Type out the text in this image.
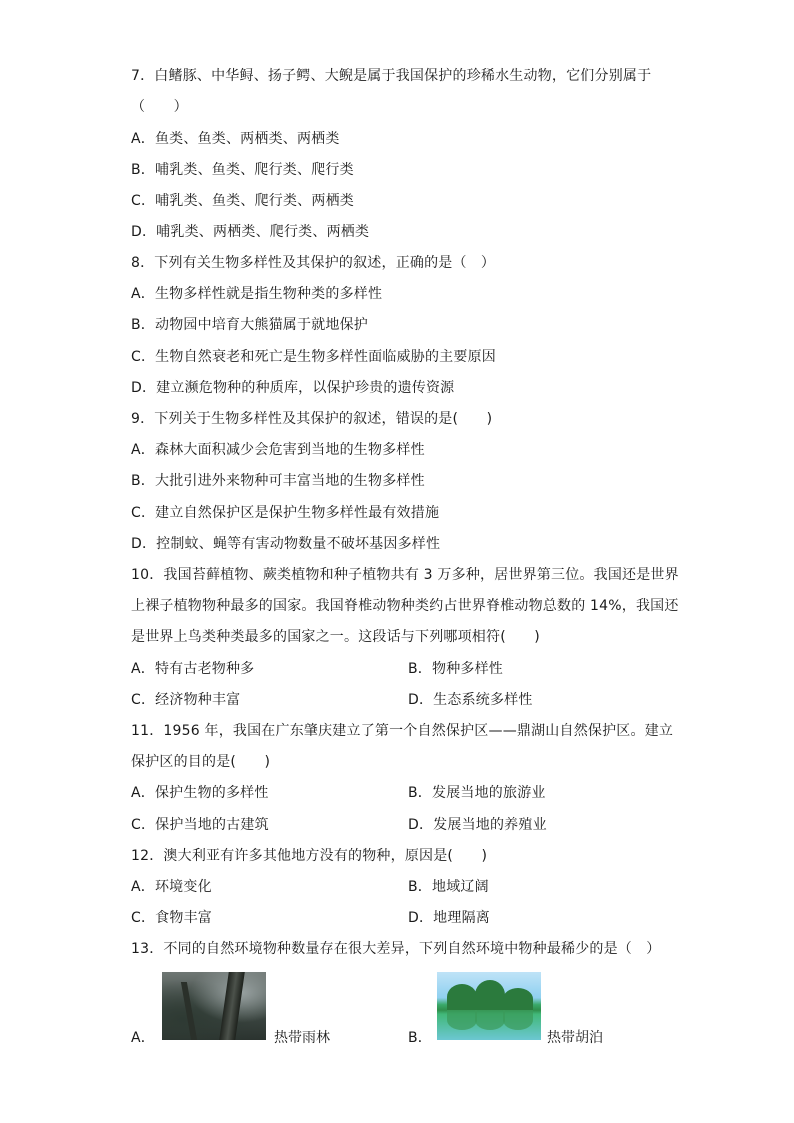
7．白鳍豚、中华鲟、扬子鳄、大鲵是属于我国保护的珍稀水生动物，它们分别属于
（　　）
A．鱼类、鱼类、两栖类、两栖类
B．哺乳类、鱼类、爬行类、爬行类
C．哺乳类、鱼类、爬行类、两栖类
D．哺乳类、两栖类、爬行类、两栖类
8．下列有关生物多样性及其保护的叙述，正确的是（　）
A．生物多样性就是指生物种类的多样性
B．动物园中培育大熊猫属于就地保护
C．生物自然衰老和死亡是生物多样性面临威胁的主要原因
D．建立濒危物种的种质库，以保护珍贵的遗传资源
9．下列关于生物多样性及其保护的叙述，错误的是(　　)
A．森林大面积减少会危害到当地的生物多样性
B．大批引进外来物种可丰富当地的生物多样性
C．建立自然保护区是保护生物多样性最有效措施
D．控制蚊、蝇等有害动物数量不破坏基因多样性
10．我国苔藓植物、蕨类植物和种子植物共有 3 万多种，居世界第三位。我国还是世界
上裸子植物物种最多的国家。我国脊椎动物种类约占世界脊椎动物总数的 14%，我国还
是世界上鸟类种类最多的国家之一。这段话与下列哪项相符(　　)
A．特有古老物种多	B．物种多样性
C．经济物种丰富	D．生态系统多样性
11．1956 年，我国在广东肇庆建立了第一个自然保护区——鼎湖山自然保护区。建立
保护区的目的是(　　)
A．保护生物的多样性	B．发展当地的旅游业
C．保护当地的古建筑	D．发展当地的养殖业
12．澳大利亚有许多其他地方没有的物种，原因是(　　)
A．环境变化	B．地域辽阔
C．食物丰富	D．地理隔离
13．不同的自然环境物种数量存在很大差异，下列自然环境中物种最稀少的是（　）
A．	热带雨林	B．	热带胡泊
